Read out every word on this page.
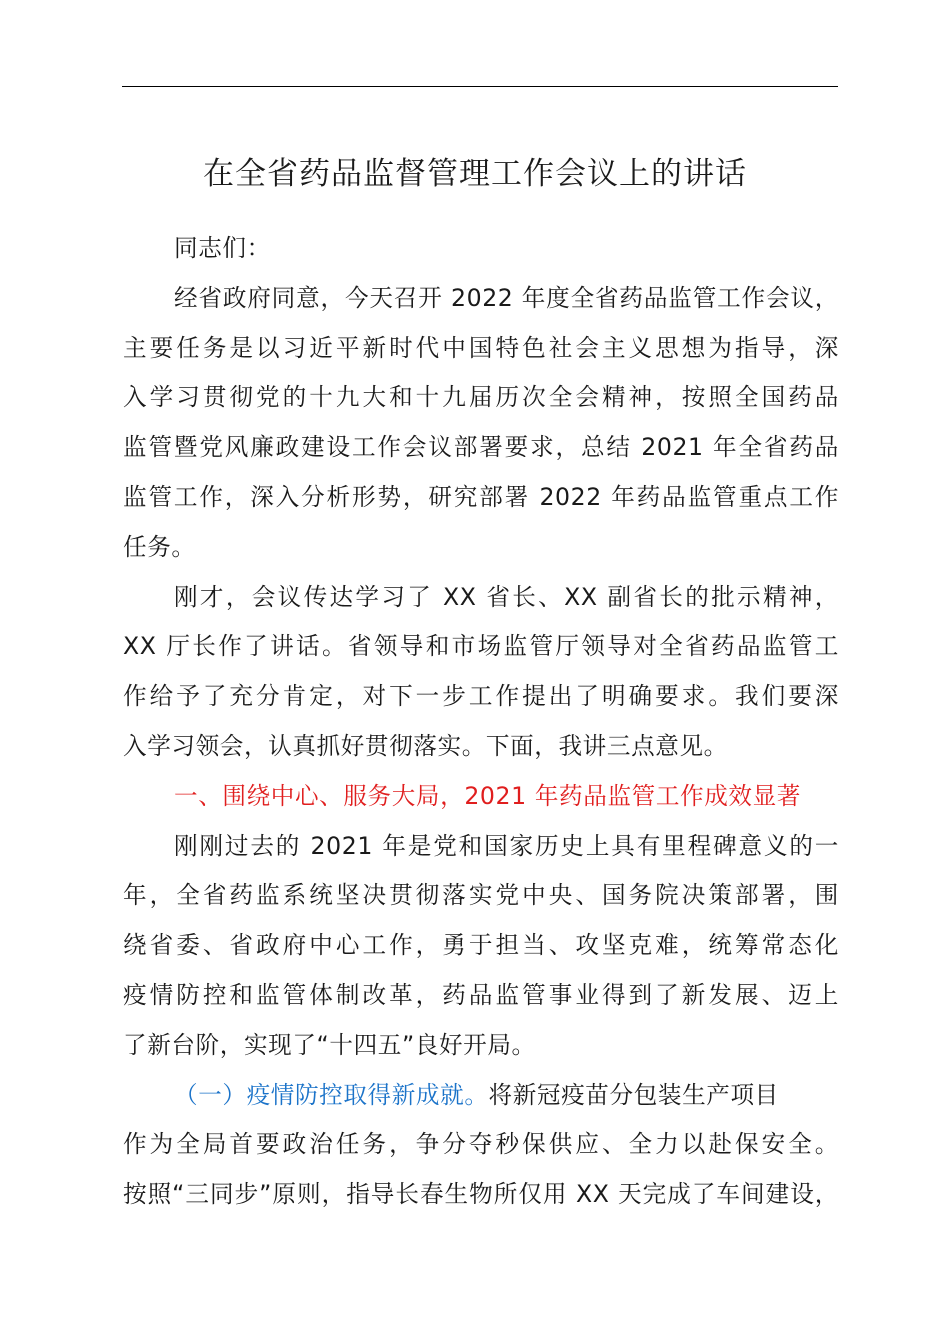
在全省药品监督管理工作会议上的讲话
同志们：
经省政府同意，今天召开 2022 年度全省药品监管工作会议，
主要任务是以习近平新时代中国特色社会主义思想为指导，深
入学习贯彻党的十九大和十九届历次全会精神，按照全国药品
监管暨党风廉政建设工作会议部署要求，总结 2021 年全省药品
监管工作，深入分析形势，研究部署 2022 年药品监管重点工作
任务。
刚才，会议传达学习了 XX 省长、XX 副省长的批示精神，
XX 厅长作了讲话。省领导和市场监管厅领导对全省药品监管工
作给予了充分肯定，对下一步工作提出了明确要求。我们要深
入学习领会，认真抓好贯彻落实。下面，我讲三点意见。
一、围绕中心、服务大局，2021 年药品监管工作成效显著
刚刚过去的 2021 年是党和国家历史上具有里程碑意义的一
年，全省药监系统坚决贯彻落实党中央、国务院决策部署，围
绕省委、省政府中心工作，勇于担当、攻坚克难，统筹常态化
疫情防控和监管体制改革，药品监管事业得到了新发展、迈上
了新台阶，实现了“十四五”良好开局。
（一）疫情防控取得新成就。将新冠疫苗分包装生产项目
作为全局首要政治任务，争分夺秒保供应、全力以赴保安全。
按照“三同步”原则，指导长春生物所仅用 XX 天完成了车间建设，
